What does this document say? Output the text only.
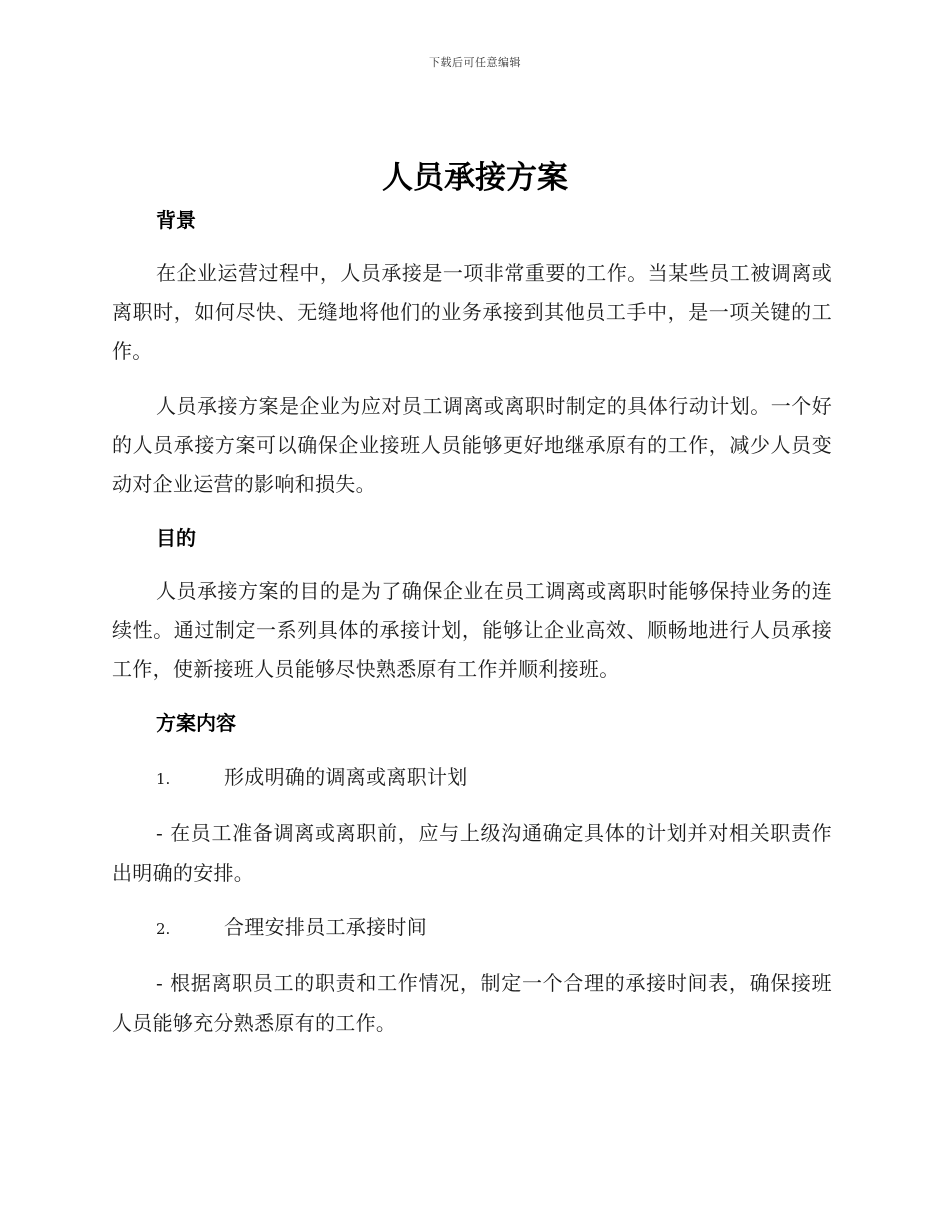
下载后可任意编辑
人员承接方案
背景

在企业运营过程中，人员承接是一项非常重要的工作。当某些员工被调离或离职时，如何尽快、无缝地将他们的业务承接到其他员工手中，是一项关键的工作。

人员承接方案是企业为应对员工调离或离职时制定的具体行动计划。一个好的人员承接方案可以确保企业接班人员能够更好地继承原有的工作，减少人员变动对企业运营的影响和损失。

目的

人员承接方案的目的是为了确保企业在员工调离或离职时能够保持业务的连续性。通过制定一系列具体的承接计划，能够让企业高效、顺畅地进行人员承接工作，使新接班人员能够尽快熟悉原有工作并顺利接班。

方案内容
1.	形成明确的调离或离职计划

- 在员工准备调离或离职前，应与上级沟通确定具体的计划并对相关职责作出明确的安排。

2.	合理安排员工承接时间

- 根据离职员工的职责和工作情况，制定一个合理的承接时间表，确保接班人员能够充分熟悉原有的工作。
